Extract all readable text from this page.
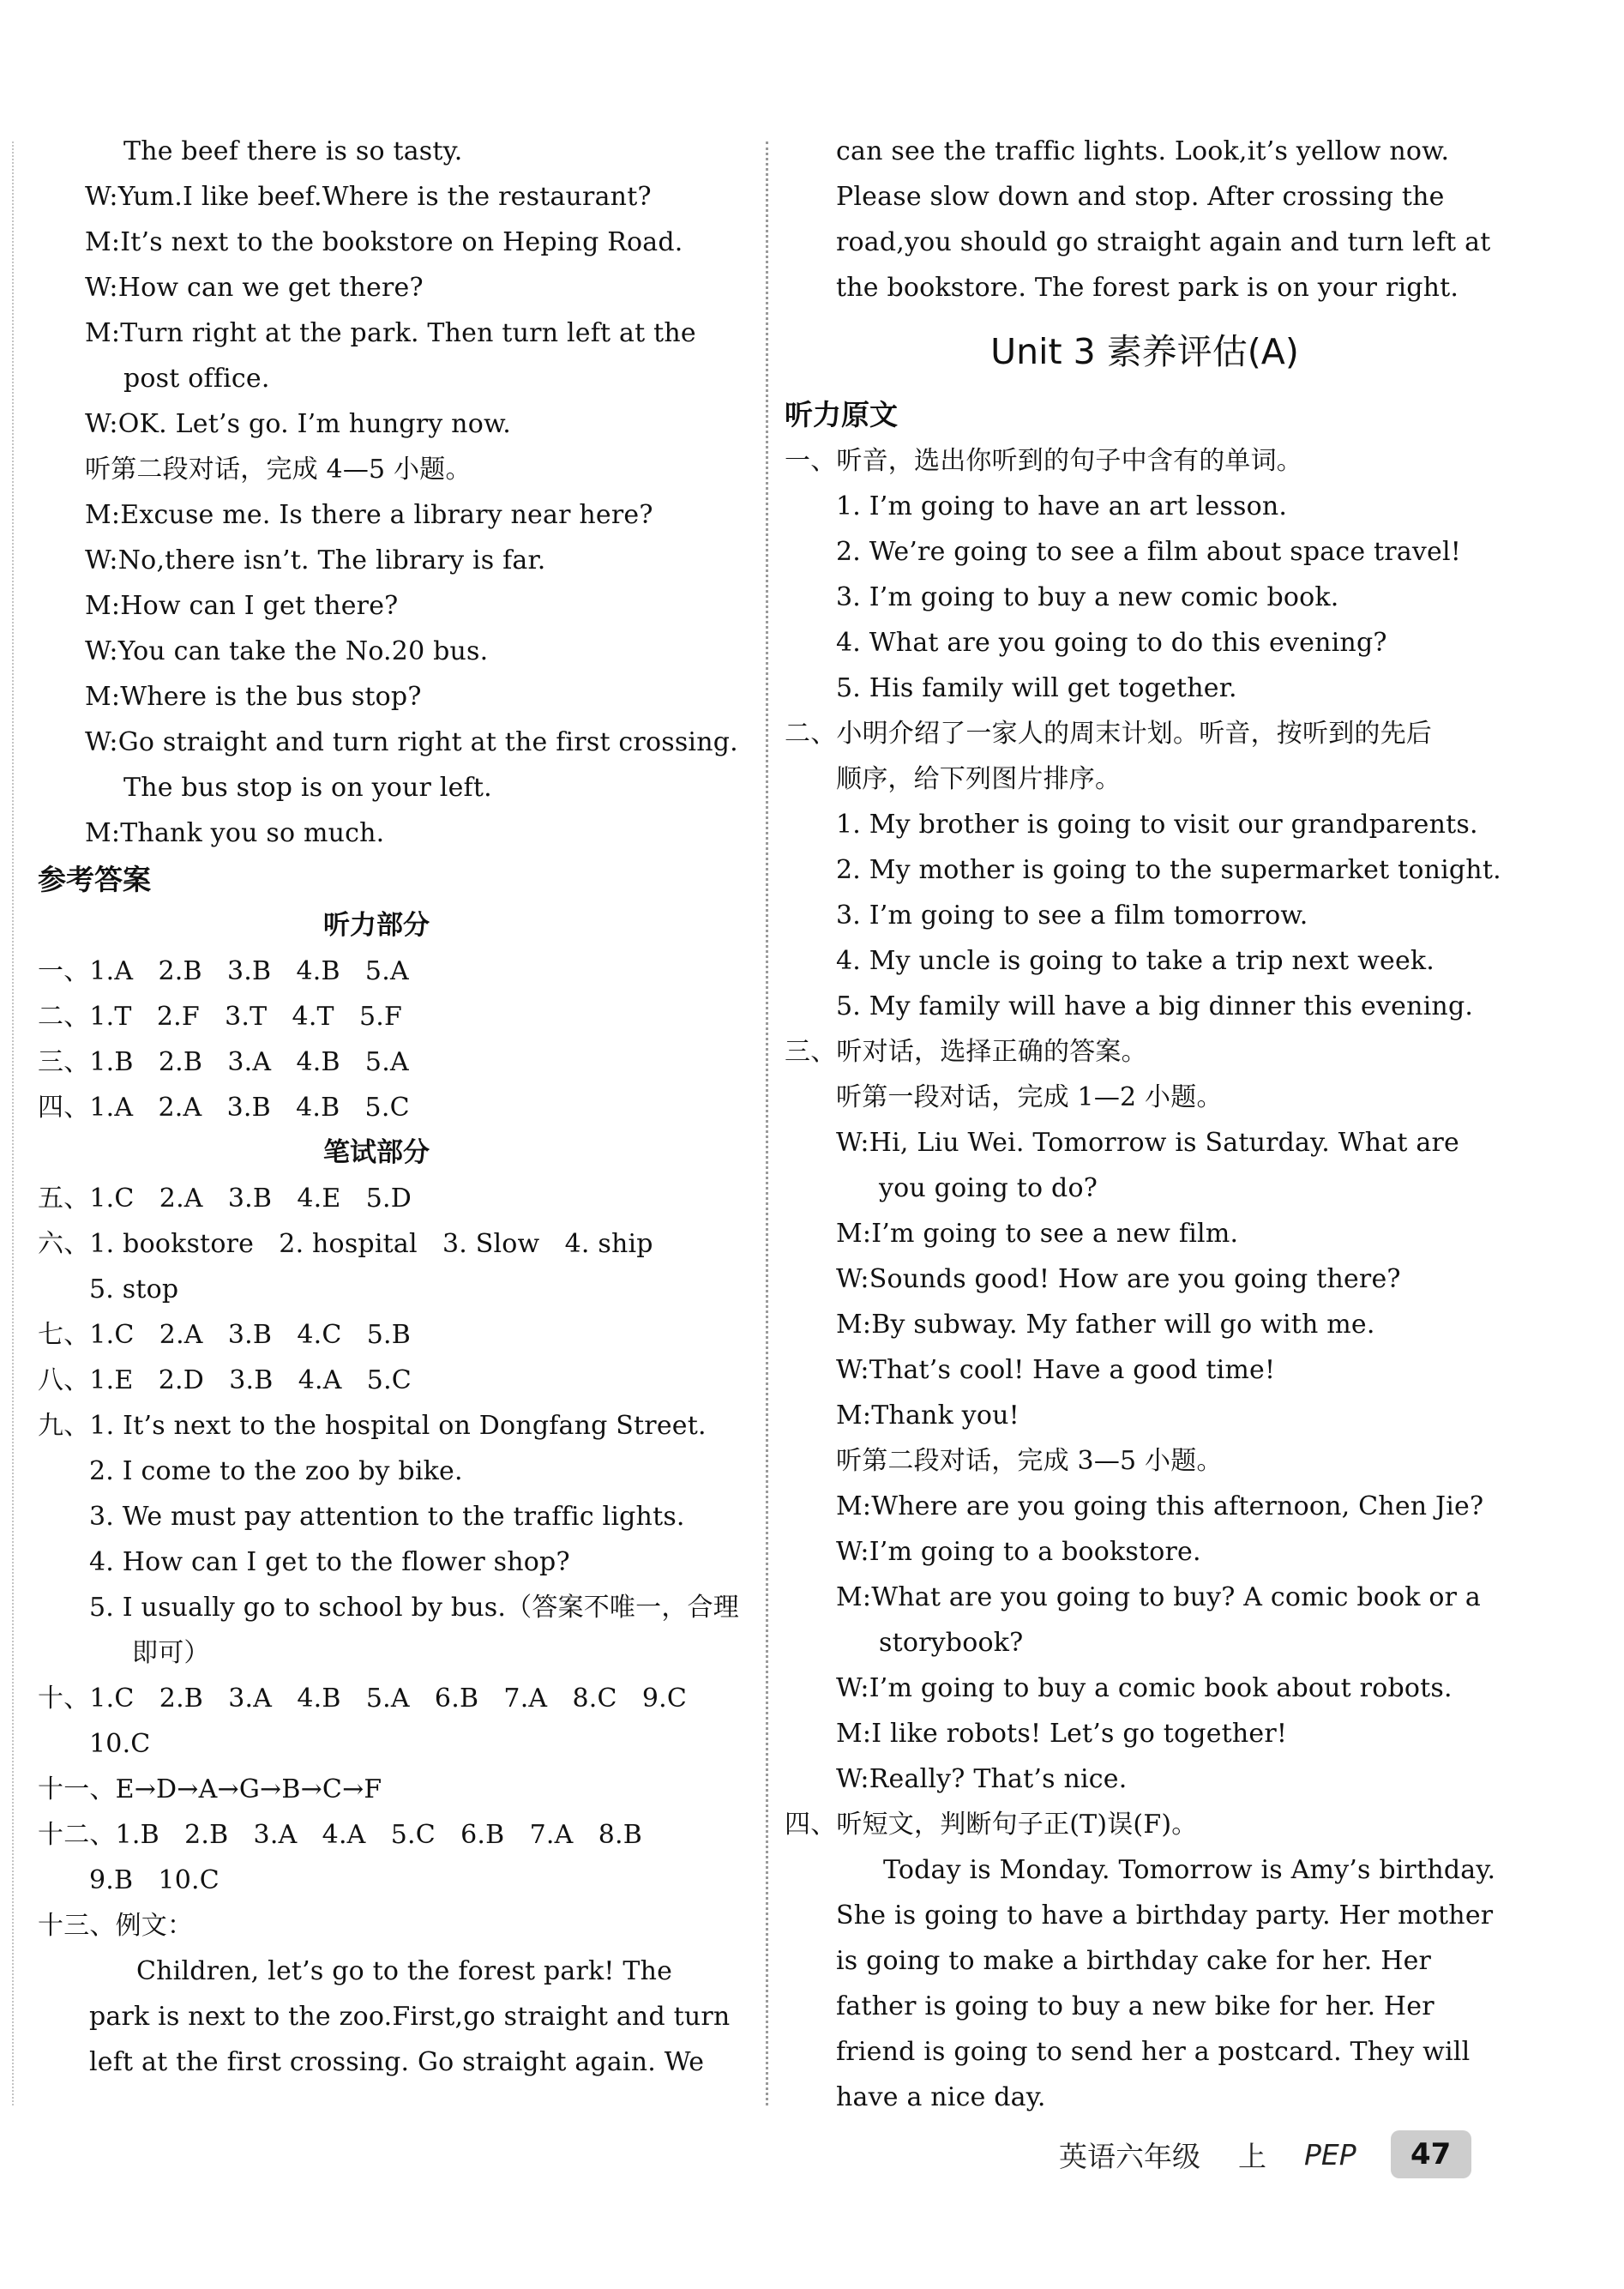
The beef there is so tasty.
W:Yum.I like beef.Where is the restaurant?
M:It’s next to the bookstore on Heping Road.
W:How can we get there?
M:Turn right at the park. Then turn left at the
post office.
W:OK. Let’s go. I’m hungry now.
听第二段对话，完成 4—5 小题。
M:Excuse me. Is there a library near here?
W:No,there isn’t. The library is far.
M:How can I get there?
W:You can take the No.20 bus.
M:Where is the bus stop?
W:Go straight and turn right at the first crossing.
The bus stop is on your left.
M:Thank you so much.
参考答案
听力部分
一、1.A   2.B   3.B   4.B   5.A
二、1.T   2.F   3.T   4.T   5.F
三、1.B   2.B   3.A   4.B   5.A
四、1.A   2.A   3.B   4.B   5.C
笔试部分
五、1.C   2.A   3.B   4.E   5.D
六、1. bookstore   2. hospital   3. Slow   4. ship
5. stop
七、1.C   2.A   3.B   4.C   5.B
八、1.E   2.D   3.B   4.A   5.C
九、1. It’s next to the hospital on Dongfang Street.
2. I come to the zoo by bike.
3. We must pay attention to the traffic lights.
4. How can I get to the flower shop?
5. I usually go to school by bus.（答案不唯一，合理
即可）
十、1.C   2.B   3.A   4.B   5.A   6.B   7.A   8.C   9.C
10.C
十一、E→D→A→G→B→C→F
十二、1.B   2.B   3.A   4.A   5.C   6.B   7.A   8.B
9.B   10.C
十三、例文：
Children, let’s go to the forest park! The
park is next to the zoo.First,go straight and turn
left at the first crossing. Go straight again. We
can see the traffic lights. Look,it’s yellow now.
Please slow down and stop. After crossing the
road,you should go straight again and turn left at
the bookstore. The forest park is on your right.
Unit 3 素养评估(A)
听力原文
一、听音，选出你听到的句子中含有的单词。
1. I’m going to have an art lesson.
2. We’re going to see a film about space travel!
3. I’m going to buy a new comic book.
4. What are you going to do this evening?
5. His family will get together.
二、小明介绍了一家人的周末计划。听音，按听到的先后
顺序，给下列图片排序。
1. My brother is going to visit our grandparents.
2. My mother is going to the supermarket tonight.
3. I’m going to see a film tomorrow.
4. My uncle is going to take a trip next week.
5. My family will have a big dinner this evening.
三、听对话，选择正确的答案。
听第一段对话，完成 1—2 小题。
W:Hi, Liu Wei. Tomorrow is Saturday. What are
you going to do?
M:I’m going to see a new film.
W:Sounds good! How are you going there?
M:By subway. My father will go with me.
W:That’s cool! Have a good time!
M:Thank you!
听第二段对话，完成 3—5 小题。
M:Where are you going this afternoon, Chen Jie?
W:I’m going to a bookstore.
M:What are you going to buy? A comic book or a
storybook?
W:I’m going to buy a comic book about robots.
M:I like robots! Let’s go together!
W:Really? That’s nice.
四、听短文，判断句子正(T)误(F)。
Today is Monday. Tomorrow is Amy’s birthday.
She is going to have a birthday party. Her mother
is going to make a birthday cake for her. Her
father is going to buy a new bike for her. Her
friend is going to send her a postcard. They will
have a nice day.
英语六年级 上 PEP	47
